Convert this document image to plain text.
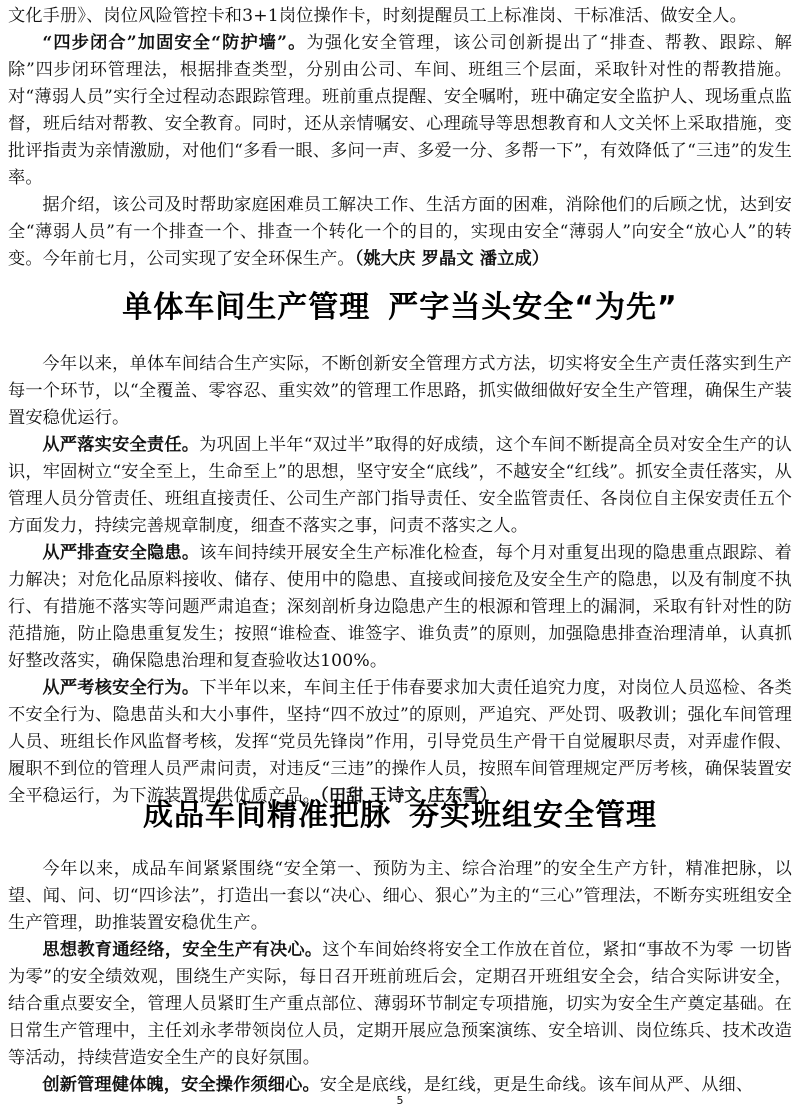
文化手册》、岗位风险管控卡和3+1岗位操作卡，时刻提醒员工上标准岗、干标准活、做安全人。

“四步闭合”加固安全“防护墙”。为强化安全管理，该公司创新提出了“排查、帮教、跟踪、解除”四步闭环管理法，根据排查类型，分别由公司、车间、班组三个层面，采取针对性的帮教措施。对“薄弱人员”实行全过程动态跟踪管理。班前重点提醒、安全嘱咐，班中确定安全监护人、现场重点监督，班后结对帮教、安全教育。同时，还从亲情嘱安、心理疏导等思想教育和人文关怀上采取措施，变批评指责为亲情激励，对他们“多看一眼、多问一声、多爱一分、多帮一下”，有效降低了“三违”的发生率。

据介绍，该公司及时帮助家庭困难员工解决工作、生活方面的困难，消除他们的后顾之忧，达到安全“薄弱人员”有一个排查一个、排查一个转化一个的目的，实现由安全“薄弱人”向安全“放心人”的转变。今年前七月，公司实现了安全环保生产。（姚大庆 罗晶文 潘立成）

单体车间生产管理 严字当头安全“为先”

今年以来，单体车间结合生产实际，不断创新安全管理方式方法，切实将安全生产责任落实到生产每一个环节，以“全覆盖、零容忍、重实效”的管理工作思路，抓实做细做好安全生产管理，确保生产装置安稳优运行。

从严落实安全责任。为巩固上半年“双过半”取得的好成绩，这个车间不断提高全员对安全生产的认识，牢固树立“安全至上，生命至上”的思想，坚守安全“底线”，不越安全“红线”。抓安全责任落实，从管理人员分管责任、班组直接责任、公司生产部门指导责任、安全监管责任、各岗位自主保安责任五个方面发力，持续完善规章制度，细查不落实之事，问责不落实之人。

从严排查安全隐患。该车间持续开展安全生产标准化检查，每个月对重复出现的隐患重点跟踪、着力解决；对危化品原料接收、储存、使用中的隐患、直接或间接危及安全生产的隐患，以及有制度不执行、有措施不落实等问题严肃追查；深刻剖析身边隐患产生的根源和管理上的漏洞，采取有针对性的防范措施，防止隐患重复发生；按照“谁检查、谁签字、谁负责”的原则，加强隐患排查治理清单，认真抓好整改落实，确保隐患治理和复查验收达100%。

从严考核安全行为。下半年以来，车间主任于伟春要求加大责任追究力度，对岗位人员巡检、各类不安全行为、隐患苗头和大小事件，坚持“四不放过”的原则，严追究、严处罚、吸教训；强化车间管理人员、班组长作风监督考核，发挥“党员先锋岗”作用，引导党员生产骨干自觉履职尽责，对弄虚作假、履职不到位的管理人员严肃问责，对违反“三违”的操作人员，按照车间管理规定严厉考核，确保装置安全平稳运行，为下游装置提供优质产品。（田甜 王诗文 庄东雪）

成品车间精准把脉 夯实班组安全管理

今年以来，成品车间紧紧围绕“安全第一、预防为主、综合治理”的安全生产方针，精准把脉，以望、闻、问、切“四诊法”，打造出一套以“决心、细心、狠心”为主的“三心”管理法，不断夯实班组安全生产管理，助推装置安稳优生产。

思想教育通经络，安全生产有决心。这个车间始终将安全工作放在首位，紧扣“事故不为零 一切皆为零”的安全绩效观，围绕生产实际，每日召开班前班后会，定期召开班组安全会，结合实际讲安全，结合重点要安全，管理人员紧盯生产重点部位、薄弱环节制定专项措施，切实为安全生产奠定基础。在日常生产管理中，主任刘永孝带领岗位人员，定期开展应急预案演练、安全培训、岗位练兵、技术改造等活动，持续营造安全生产的良好氛围。

创新管理健体魄，安全操作须细心。安全是底线，是红线，更是生命线。该车间从严、从细、

5
